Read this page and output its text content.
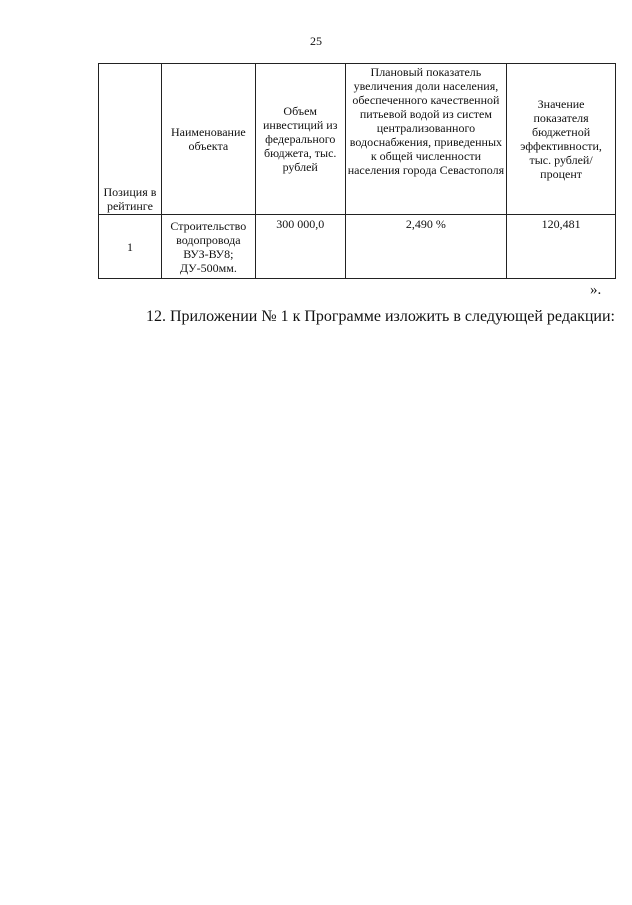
25
Позиция в рейтинге	Наименование объекта	Объем инвестиций из федерального бюджета, тыс. рублей	Плановый показатель увеличения доли населения, обеспеченного качественной питьевой водой из систем централизованного водоснабжения, приведенных к общей численности населения города Севастополя	Значение показателя бюджетной эффективности, тыс. рублей/ процент
1	Строительство водопровода ВУЗ-ВУ8; ДУ-500мм.	300 000,0	2,490 %	120,481
».
12. Приложении № 1 к Программе изложить в следующей редакции:
